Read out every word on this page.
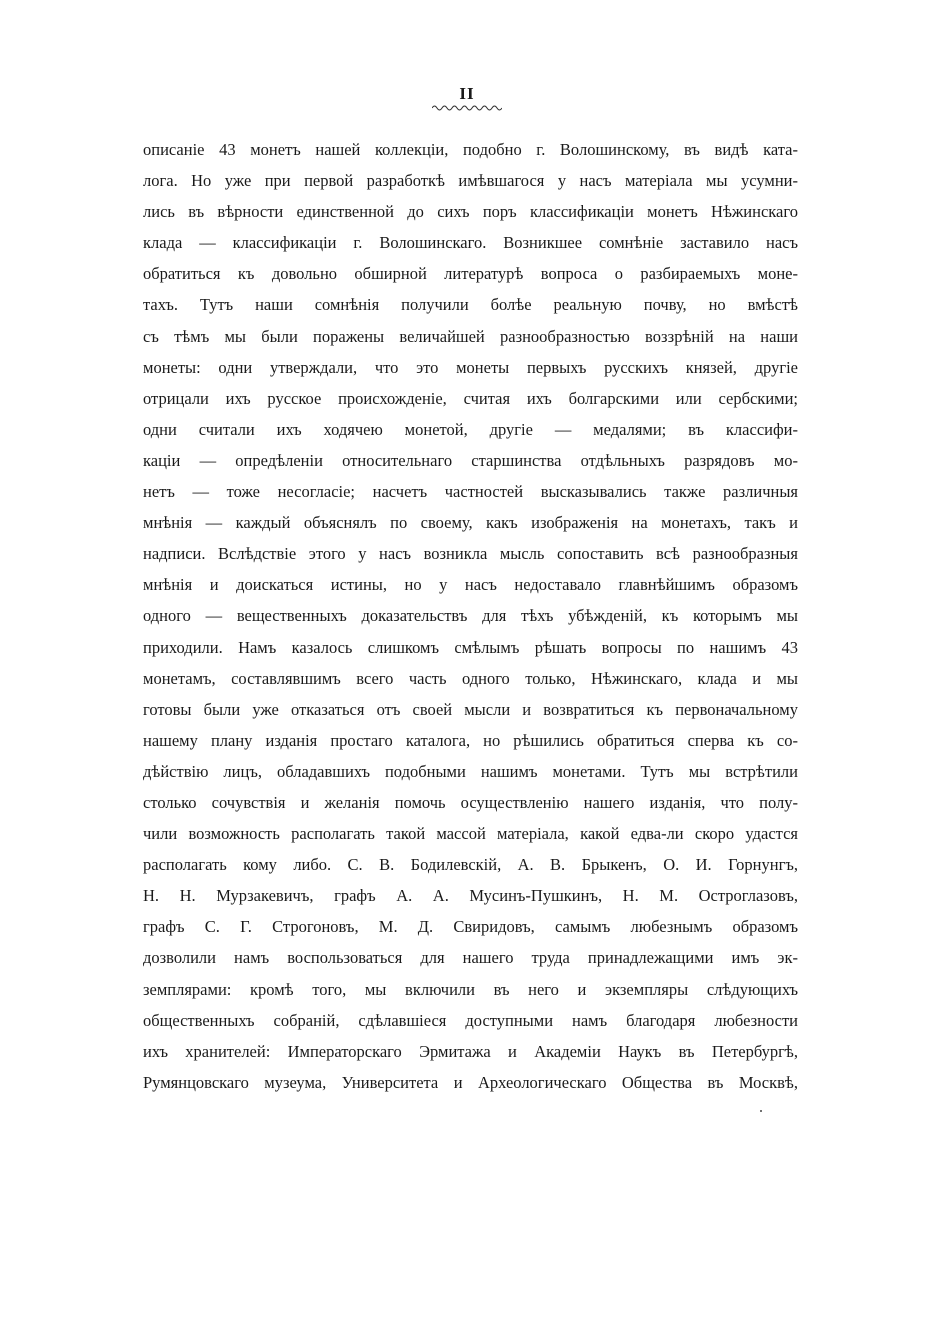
II
описаніе 43 монетъ нашей коллекціи, подобно г. Волошинскому, въ видѣ ката-
лога. Но уже при первой разработкѣ имѣвшагося у насъ матеріала мы усумни-
лись въ вѣрности единственной до сихъ поръ классификаціи монетъ Нѣжинскаго
клада — классификаціи г. Волошинскаго. Возникшее сомнѣніе заставило насъ
обратиться къ довольно обширной литературѣ вопроса о разбираемыхъ моне-
тахъ. Тутъ наши сомнѣнія получили болѣе реальную почву, но вмѣстѣ
съ тѣмъ мы были поражены величайшей разнообразностью воззрѣній на наши
монеты: одни утверждали, что это монеты первыхъ русскихъ князей, другіе
отрицали ихъ русское происхожденіе, считая ихъ болгарскими или сербскими;
одни считали ихъ ходячею монетой, другіе — медалями; въ классифи-
каціи — опредѣленіи относительнаго старшинства отдѣльныхъ разрядовъ мо-
нетъ — тоже несогласіе; насчетъ частностей высказывались также различныя
мнѣнія — каждый объяснялъ по своему, какъ изображенія на монетахъ, такъ и
надписи. Вслѣдствіе этого у насъ возникла мысль сопоставить всѣ разнообразныя
мнѣнія и доискаться истины, но у насъ недоставало главнѣйшимъ образомъ
одного — вещественныхъ доказательствъ для тѣхъ убѣжденій, къ которымъ мы
приходили. Намъ казалось слишкомъ смѣлымъ рѣшать вопросы по нашимъ 43
монетамъ, составлявшимъ всего часть одного только, Нѣжинскаго, клада и мы
готовы были уже отказаться отъ своей мысли и возвратиться къ первоначальному
нашему плану изданія простаго каталога, но рѣшились обратиться сперва къ со-
дѣйствію лицъ, обладавшихъ подобными нашимъ монетами. Тутъ мы встрѣтили
столько сочувствія и желанія помочь осуществленію нашего изданія, что полу-
чили возможность располагать такой массой матеріала, какой едва-ли скоро удастся
располагать кому либо. С. В. Бодилевскій, А. В. Брыкенъ, О. И. Горнунгъ,
Н. Н. Мурзакевичъ, графъ А. А. Мусинъ-Пушкинъ, Н. М. Остроглазовъ,
графъ С. Г. Строгоновъ, М. Д. Свиридовъ, самымъ любезнымъ образомъ
дозволили намъ воспользоваться для нашего труда принадлежащими имъ эк-
земплярами: кромѣ того, мы включили въ него и экземпляры слѣдующихъ
общественныхъ собраній, сдѣлавшіеся доступными намъ благодаря любезности
ихъ хранителей: Императорскаго Эрмитажа и Академіи Наукъ въ Петербургѣ,
Румянцовскаго музеума, Университета и Археологическаго Общества въ Москвѣ,
